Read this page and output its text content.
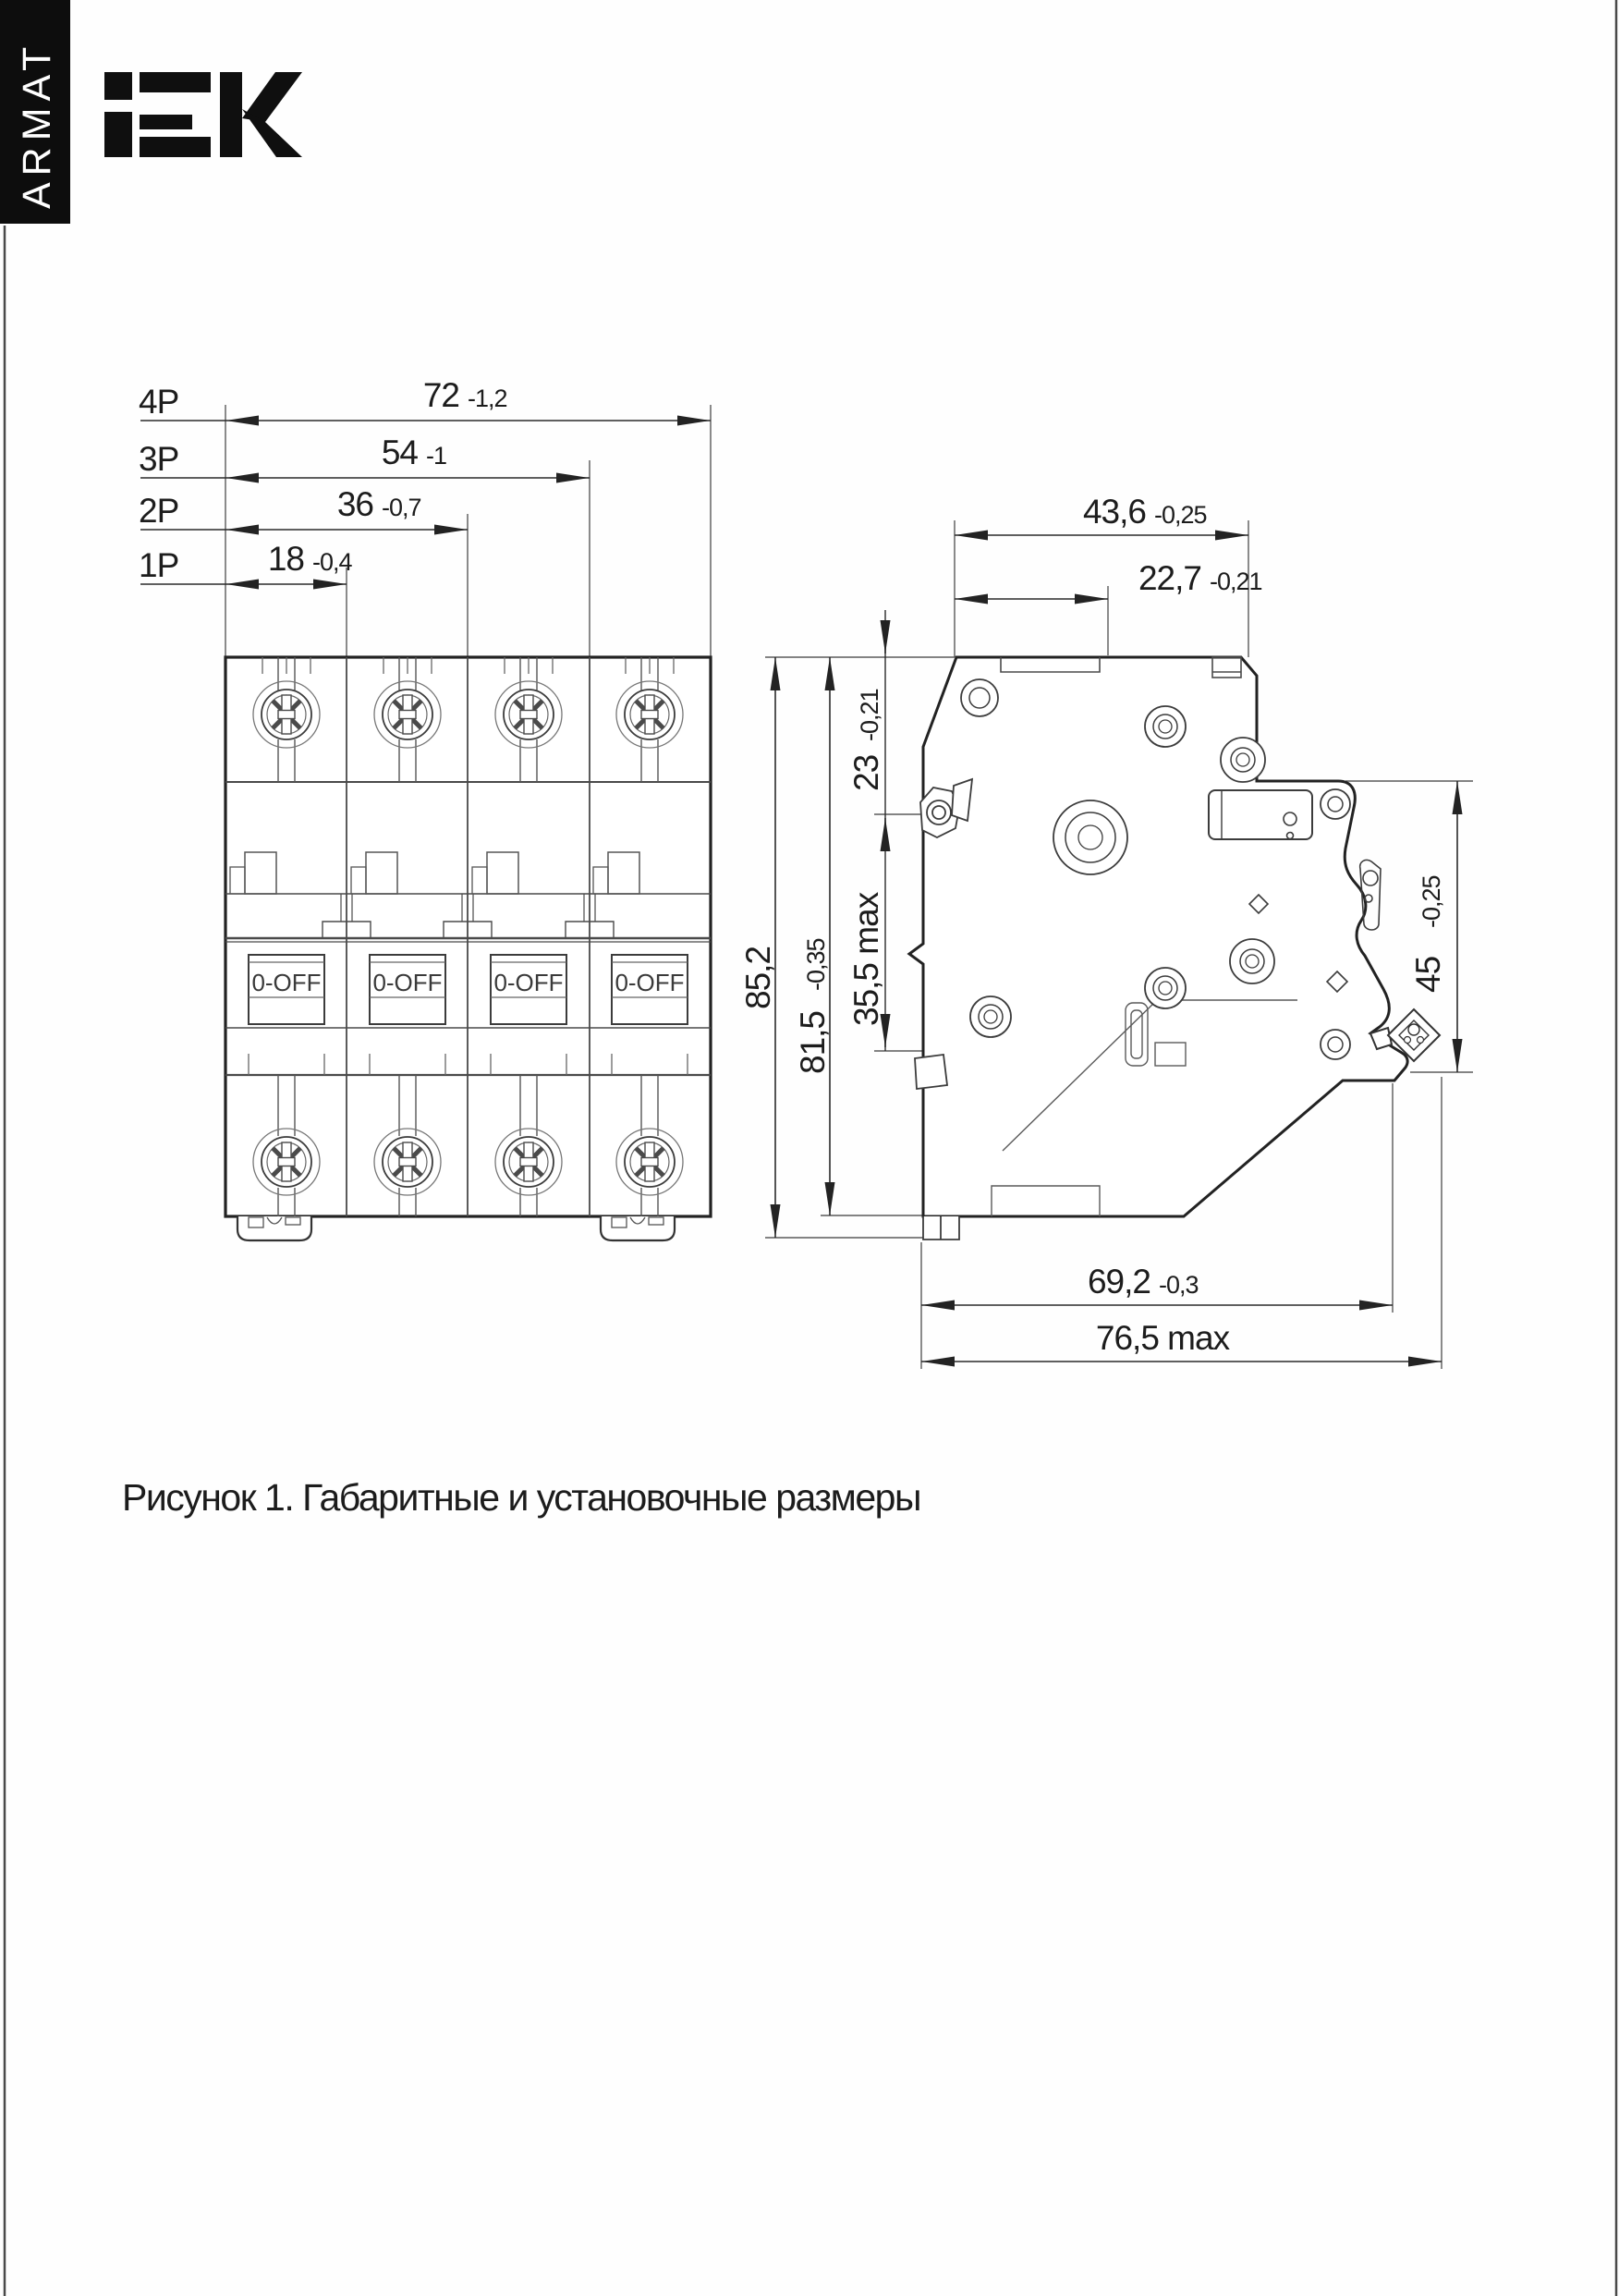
ARMAT
4P	72 -1,2
3P	54 -1
2P	36 -0,7
1P	18 -0,4
0-OFF 0-OFF 0-OFF 0-OFF
43,6 -0,25
22,7 -0,21
85,2
81,5
-0,35
23
-0,21
35,5 max	45
-0,25
69,2 -0,3
76,5 max
Рисунок 1. Габаритные и установочные размеры
